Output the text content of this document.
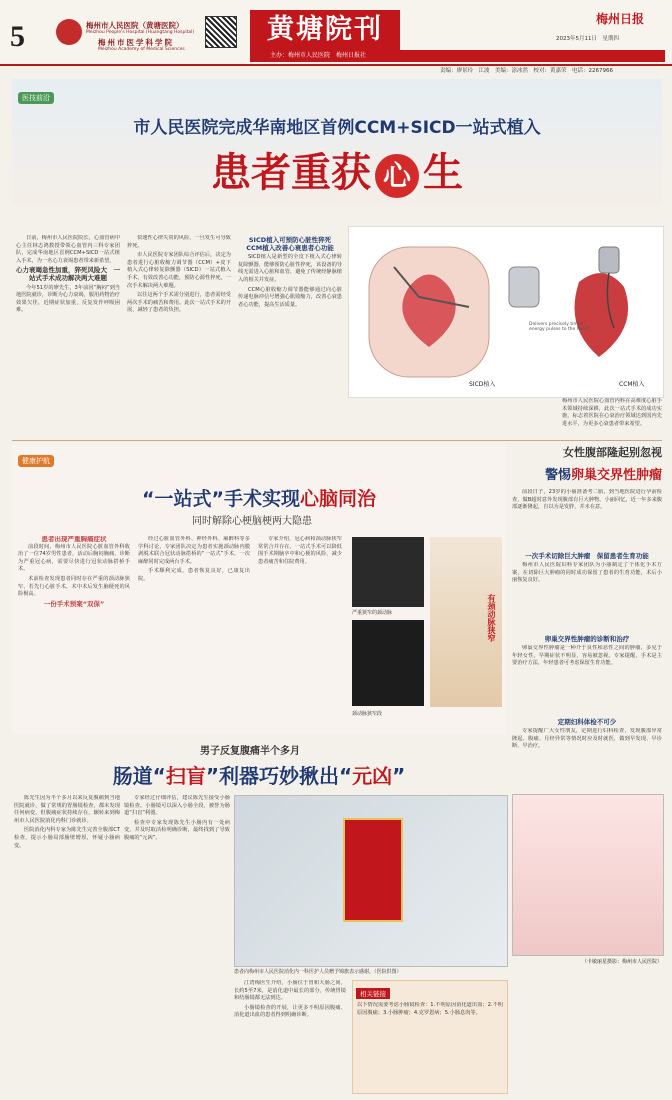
5	梅州市人民医院（黄塘医院）
Meizhou People's Hospital (Huangtang Hospital)
梅州市医学科学院
Meizhou Academy of Medical Sciences
黄塘院刊
主办：梅州市人民医院　梅州日报社
梅州日报
2023年5月11日　星期四
责编：廖景玲　江波　美编：涂冰然　校对：黄嘉荣　电话：2267966
医技前沿
市人民医院完成华南地区首例CCM+SICD一站式植入
患者重获 心 生

日前，梅州市人民医院院长、心血管病中心主任林志鸿教授带领心血管内三科专家团队，完成华南地区首例CCM+SICD一站式植入手术，为一名心力衰竭患者带来新希望。

心力衰竭急性加重，猝死风险大　一站式手术成功解决两大难题

今年51岁的廖先生，3年前因“胸闷”到当地医院就诊，诊断为心力衰竭，服用药物治疗效果欠佳，近期症状加重，反复发作呼吸困难。

快速性心律失常的风险，一旦发生可导致猝死。

市人民医院专家团队综合评估后，决定为患者进行心脏收缩力调节器（CCM）+皮下植入式心律转复除颤器（SICD）一站式植入手术，有效改善心功能，预防心源性猝死，一次手术解决两大难题。

以往这两个手术需分别进行，患者需经受两次手术的痛苦和费用。此次一站式手术的开展，减轻了患者的负担。

SICD植入可预防心脏性猝死　CCM植入改善心衰患者心功能

SICD植入是新型的全皮下植入式心律转复除颤器，能够预防心脏性猝死，该设备的导线无需进入心脏和血管，避免了传统经静脉植入的相关并发症。

CCM心脏收缩力调节器能够通过向心脏传递电脉冲信号增强心肌收缩力，改善心衰患者心功能，提高生活质量。

SICD植入	CCM植入
Delivers precisely timed energy pulses to the heart
梅州市人民医院心血管内科在高难度心脏手术领域持续深耕，此次一站式手术的成功实施，标志着医院在心衰治疗领域达到国内先进水平，为更多心衰患者带来希望。
健康护航
“一站式”手术实现心脑同治
同时解除心梗脑梗两大隐患
患者出现严重胸痛症状

前段时间，梅州市人民医院心脏血管外科收治了一位74岁男性患者，活动后胸闷胸痛，诊断为严重冠心病，需要尽快进行冠状动脉搭桥手术。

术前检查发现患者同时存在严重的颈动脉狭窄，若先行心脏手术，术中术后发生脑梗死的风险极高。

一份手术预案“双保”

经过心脏血管外科、神经外科、麻醉科等多学科讨论，专家团队决定为患者实施颈动脉内膜剥脱术联合冠状动脉搭桥的“一站式”手术，一次麻醉同时完成两台手术。

手术顺利完成，患者恢复良好，已康复出院。

专家介绍，冠心病和颈动脉狭窄常常合并存在，一站式手术可以降低围手术期脑卒中和心梗的风险，减少患者痛苦和住院费用。

严重狭窄的颈动脉
颈动脉狭窄段
有颈动脉狭窄
女性腹部隆起别忽视
警惕卵巢交界性肿瘤

前段日子，23岁的小丽准备考二胎，到当地医院进行孕前检查，做B超时意外发现腹部有巨大肿物。小丽回忆，近一年多来腹部逐渐隆起，自以为是发胖，并未在意。

一次手术切除巨大肿瘤　保留患者生育功能

梅州市人民医院妇科专家团队为小丽制定了个体化手术方案，在切除巨大肿瘤的同时成功保留了患者的生育功能，术后小丽恢复良好。

卵巢交界性肿瘤的诊断和治疗

卵巢交界性肿瘤是一种介于良性和恶性之间的肿瘤，多见于年轻女性，早期症状不明显，容易被忽视。专家提醒，手术是主要治疗方法，年轻患者可考虑保留生育功能。

定期妇科体检不可少

专家提醒广大女性朋友，定期进行妇科检查，发现腹部异常隆起、腹痛、月经异常等情况时应及时就医，做到早发现、早诊断、早治疗。

（卡敏丽星摄影：梅州市人民医院）
男子反复腹痛半个多月
肠道“扫盲”利器巧妙揪出“元凶”

陈先生因为半个多月以来反复腹痛到当地医院就诊，做了常规的胃肠镜检查，都未发现任何病变，但腹痛症状持续存在，辗转来到梅州市人民医院消化内科门诊就诊。

医院消化内科专家为陈先生完善全腹部CT检查，提示小肠局部肠壁增厚，怀疑小肠病变。

专家经过仔细评估，建议陈先生接受小肠镜检查。小肠镜可以深入小肠全段，被誉为肠道“扫盲”利器。

检查中专家发现陈先生小肠内有一处病变，并及时取活检明确诊断，最终找到了导致腹痛的“元凶”。

患者向梅州市人民医院消化内一科医护人员赠予锦旗表示感谢。（医院供图）

江湾梅医生介绍，小肠位于胃和大肠之间，长约5至7米，是消化道中最长的部分，传统胃镜和结肠镜都无法到达。

小肠镜检查的开展，让更多不明原因腹痛、消化道出血的患者得到明确诊断。

相关链接
以下情况需要考虑小肠镜检查：1.不明原因消化道出血；2.不明原因腹痛；3.小肠肿瘤；4.克罗恩病；5.小肠息肉等。
